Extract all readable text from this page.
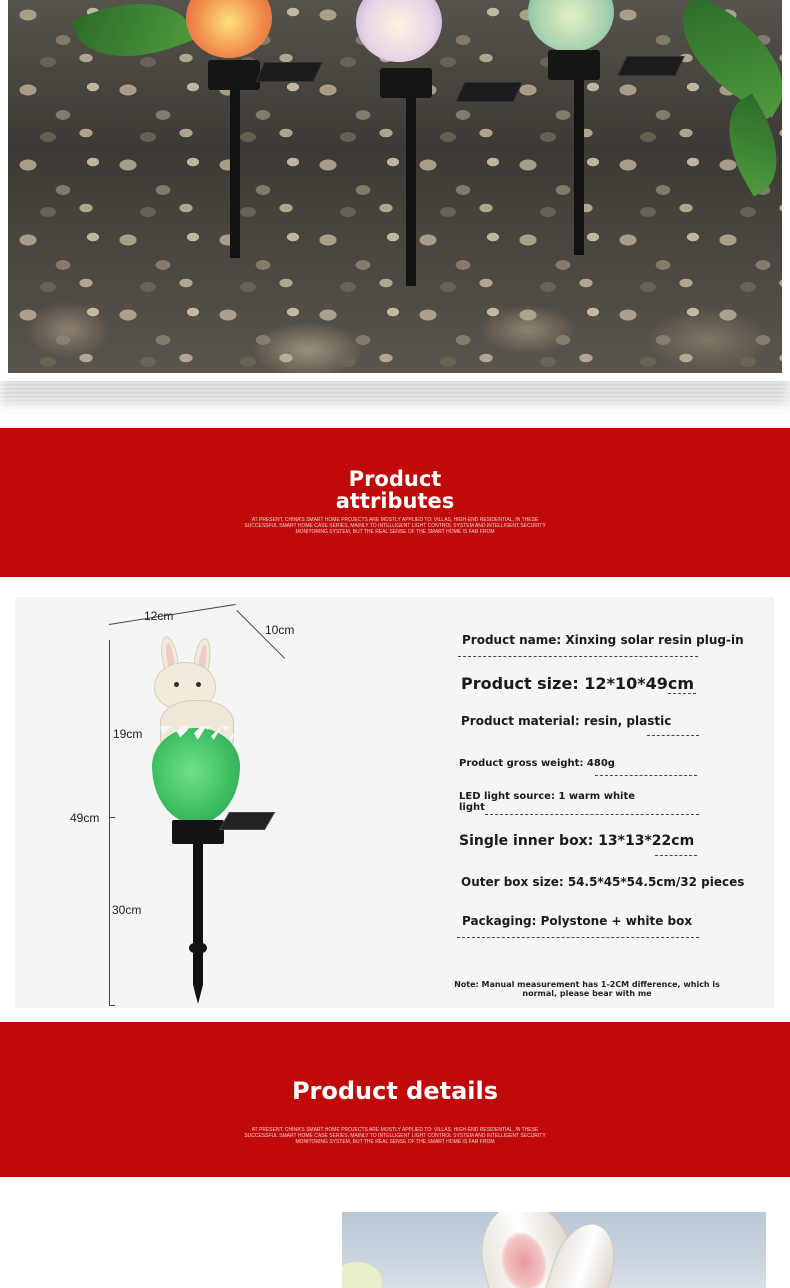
Product
attributes
AT PRESENT, CHINA'S SMART HOME PROJECTS ARE MOSTLY APPLIED TO: VILLAS, HIGH-END RESIDENTIAL, IN THESE SUCCESSFUL SMART HOME CASE SERIES, MAINLY TO INTELLIGENT LIGHT CONTROL SYSTEM AND INTELLIGENT SECURITY MONITORING SYSTEM, BUT THE REAL SENSE OF THE SMART HOME IS FAR FROM
12cm
10cm
19cm
49cm
30cm
Product name: Xinxing solar resin plug-in
Product size: 12*10*49cm
Product material: resin, plastic
Product gross weight: 480g
LED light source: 1 warm white
light
Single inner box: 13*13*22cm
Outer box size: 54.5*45*54.5cm/32 pieces
Packaging: Polystone + white box
Note: Manual measurement has 1-2CM difference, which is normal, please bear with me
Product details
AT PRESENT, CHINA'S SMART HOME PROJECTS ARE MOSTLY APPLIED TO: VILLAS, HIGH-END RESIDENTIAL, IN THESE SUCCESSFUL SMART HOME CASE SERIES, MAINLY TO INTELLIGENT LIGHT CONTROL SYSTEM AND INTELLIGENT SECURITY MONITORING SYSTEM, BUT THE REAL SENSE OF THE SMART HOME IS FAR FROM
